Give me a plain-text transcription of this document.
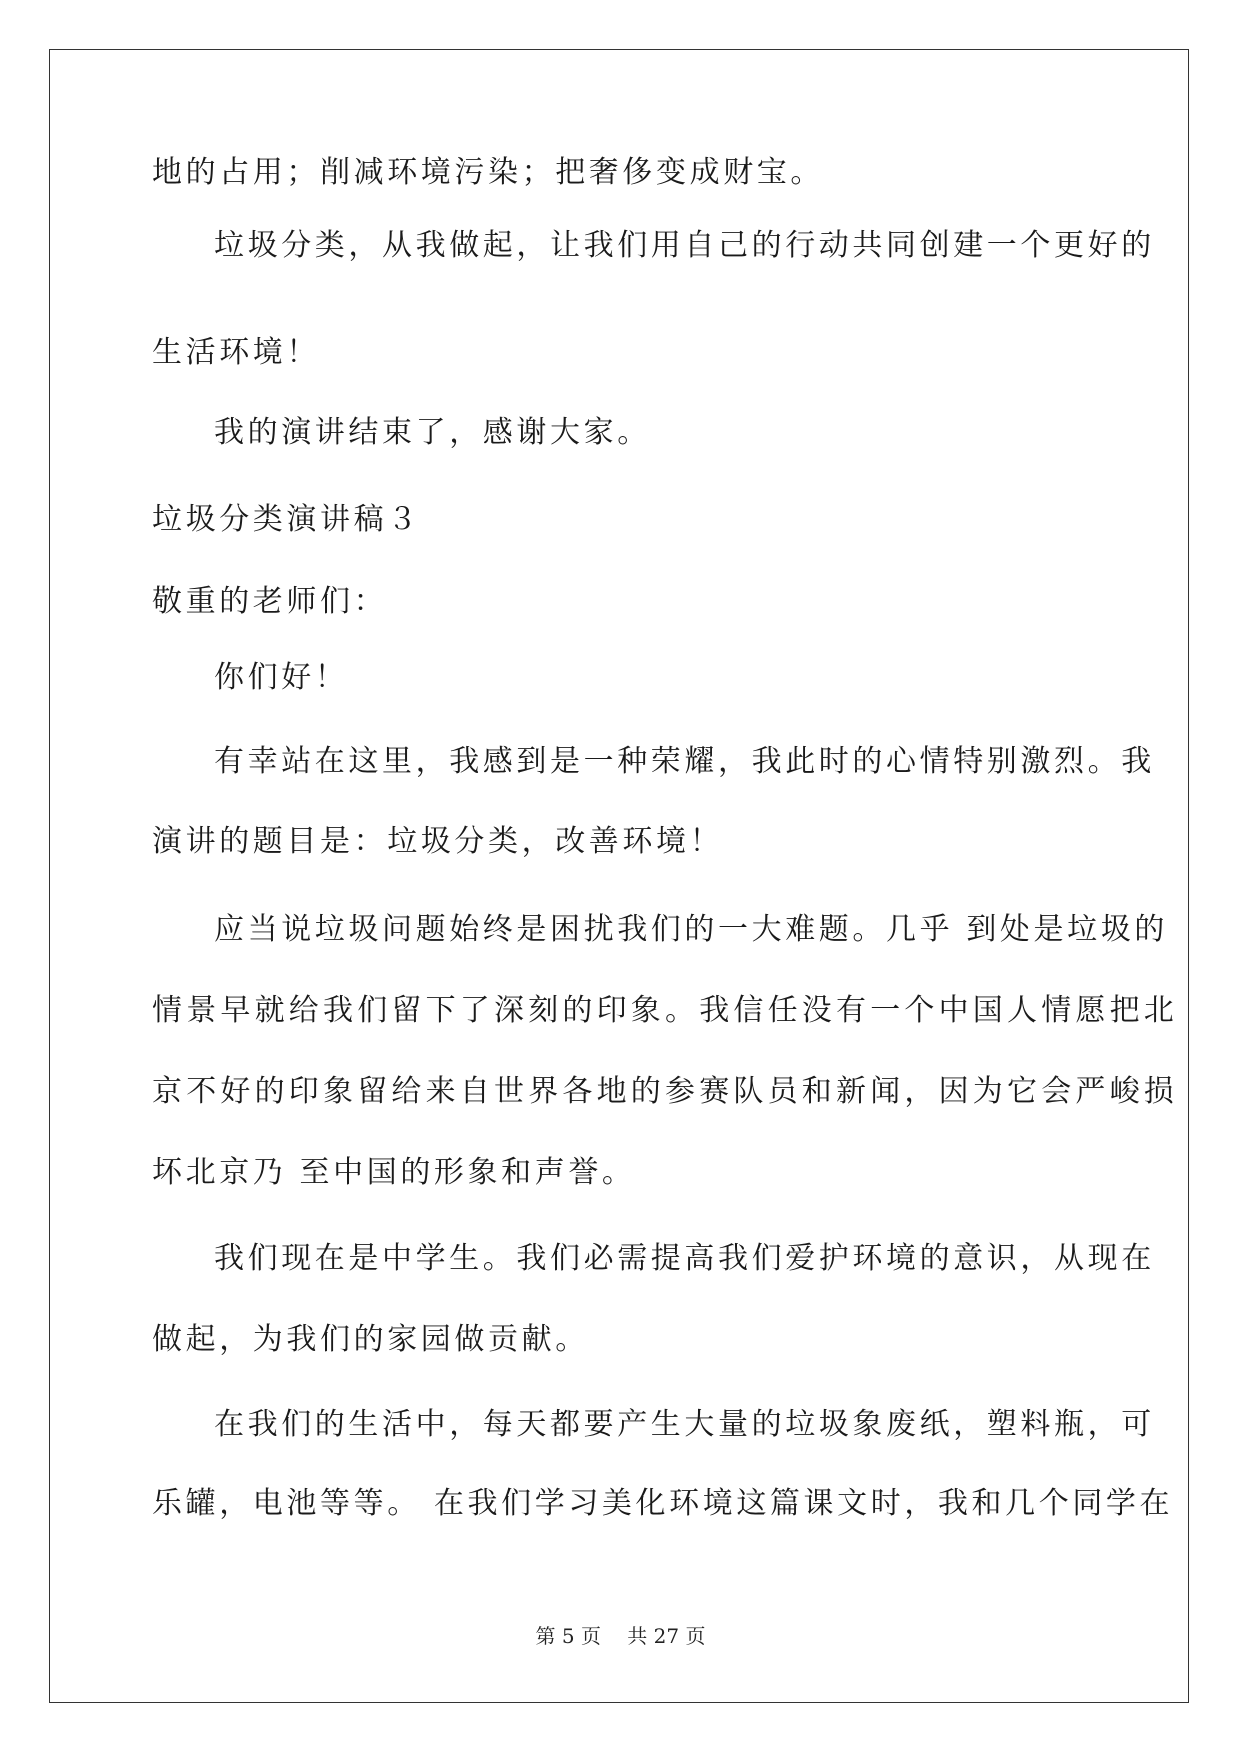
地的占用；削减环境污染；把奢侈变成财宝。

垃圾分类，从我做起，让我们用自己的行动共同创建一个更好的

生活环境！

我的演讲结束了，感谢大家。

垃圾分类演讲稿３

敬重的老师们：

你们好！

有幸站在这里，我感到是一种荣耀，我此时的心情特别激烈。我

演讲的题目是：垃圾分类，改善环境！

应当说垃圾问题始终是困扰我们的一大难题。几乎 到处是垃圾的

情景早就给我们留下了深刻的印象。我信任没有一个中国人情愿把北

京不好的印象留给来自世界各地的参赛队员和新闻，因为它会严峻损

坏北京乃 至中国的形象和声誉。

我们现在是中学生。我们必需提高我们爱护环境的意识，从现在

做起，为我们的家园做贡献。

在我们的生活中，每天都要产生大量的垃圾象废纸，塑料瓶，可

乐罐，电池等等。 在我们学习美化环境这篇课文时，我和几个同学在

第 5 页　 共 27 页
